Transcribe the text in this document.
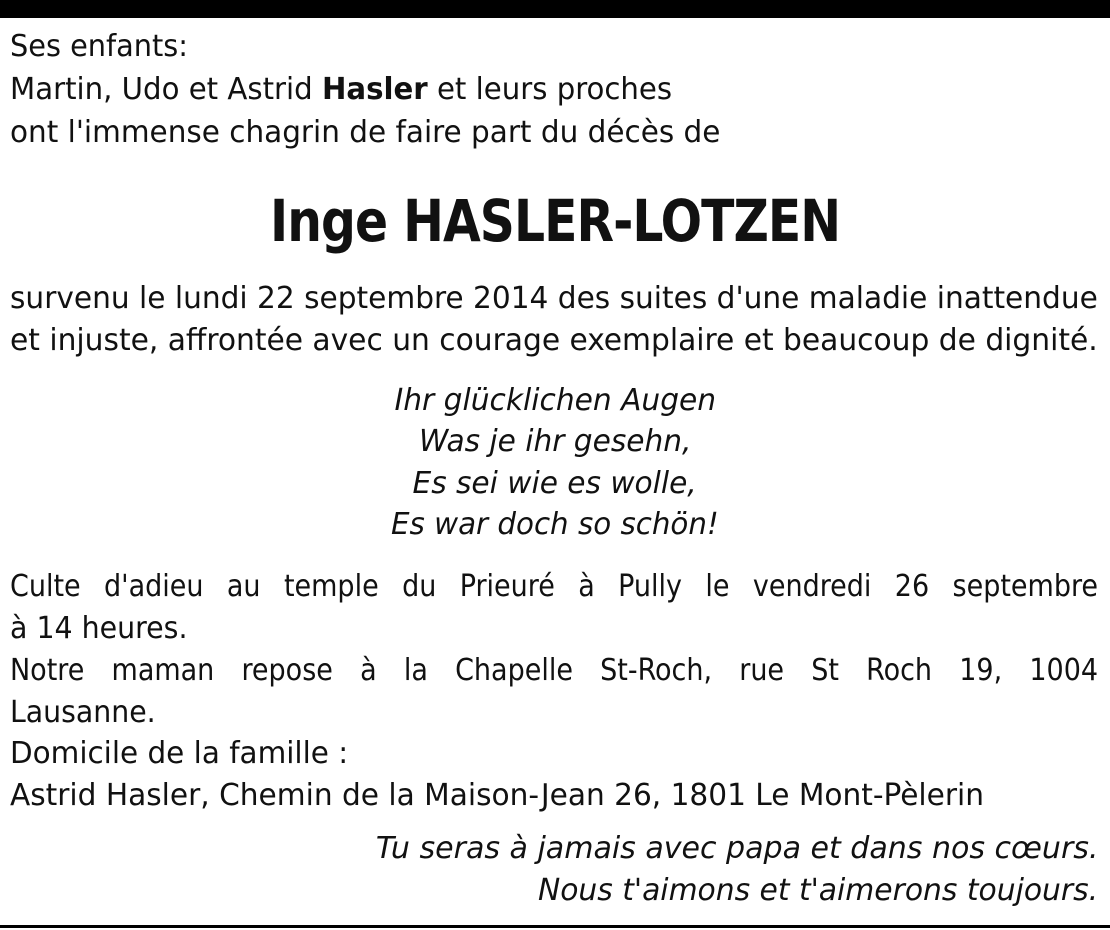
Ses enfants:
Martin, Udo et Astrid Hasler et leurs proches
ont l'immense chagrin de faire part du décès de
Inge HASLER-LOTZEN
survenu le lundi 22 septembre 2014 des suites d'une maladie inattendue
et injuste, affrontée avec un courage exemplaire et beaucoup de dignité.
Ihr glücklichen Augen
Was je ihr gesehn,
Es sei wie es wolle,
Es war doch so schön!
Culte d'adieu au temple du Prieuré à Pully le vendredi 26 septembre
à 14 heures.
Notre maman repose à la Chapelle St-Roch, rue St Roch 19, 1004
Lausanne.
Domicile de la famille :
Astrid Hasler, Chemin de la Maison-Jean 26, 1801 Le Mont-Pèlerin
Tu seras à jamais avec papa et dans nos cœurs.
Nous t'aimons et t'aimerons toujours.
